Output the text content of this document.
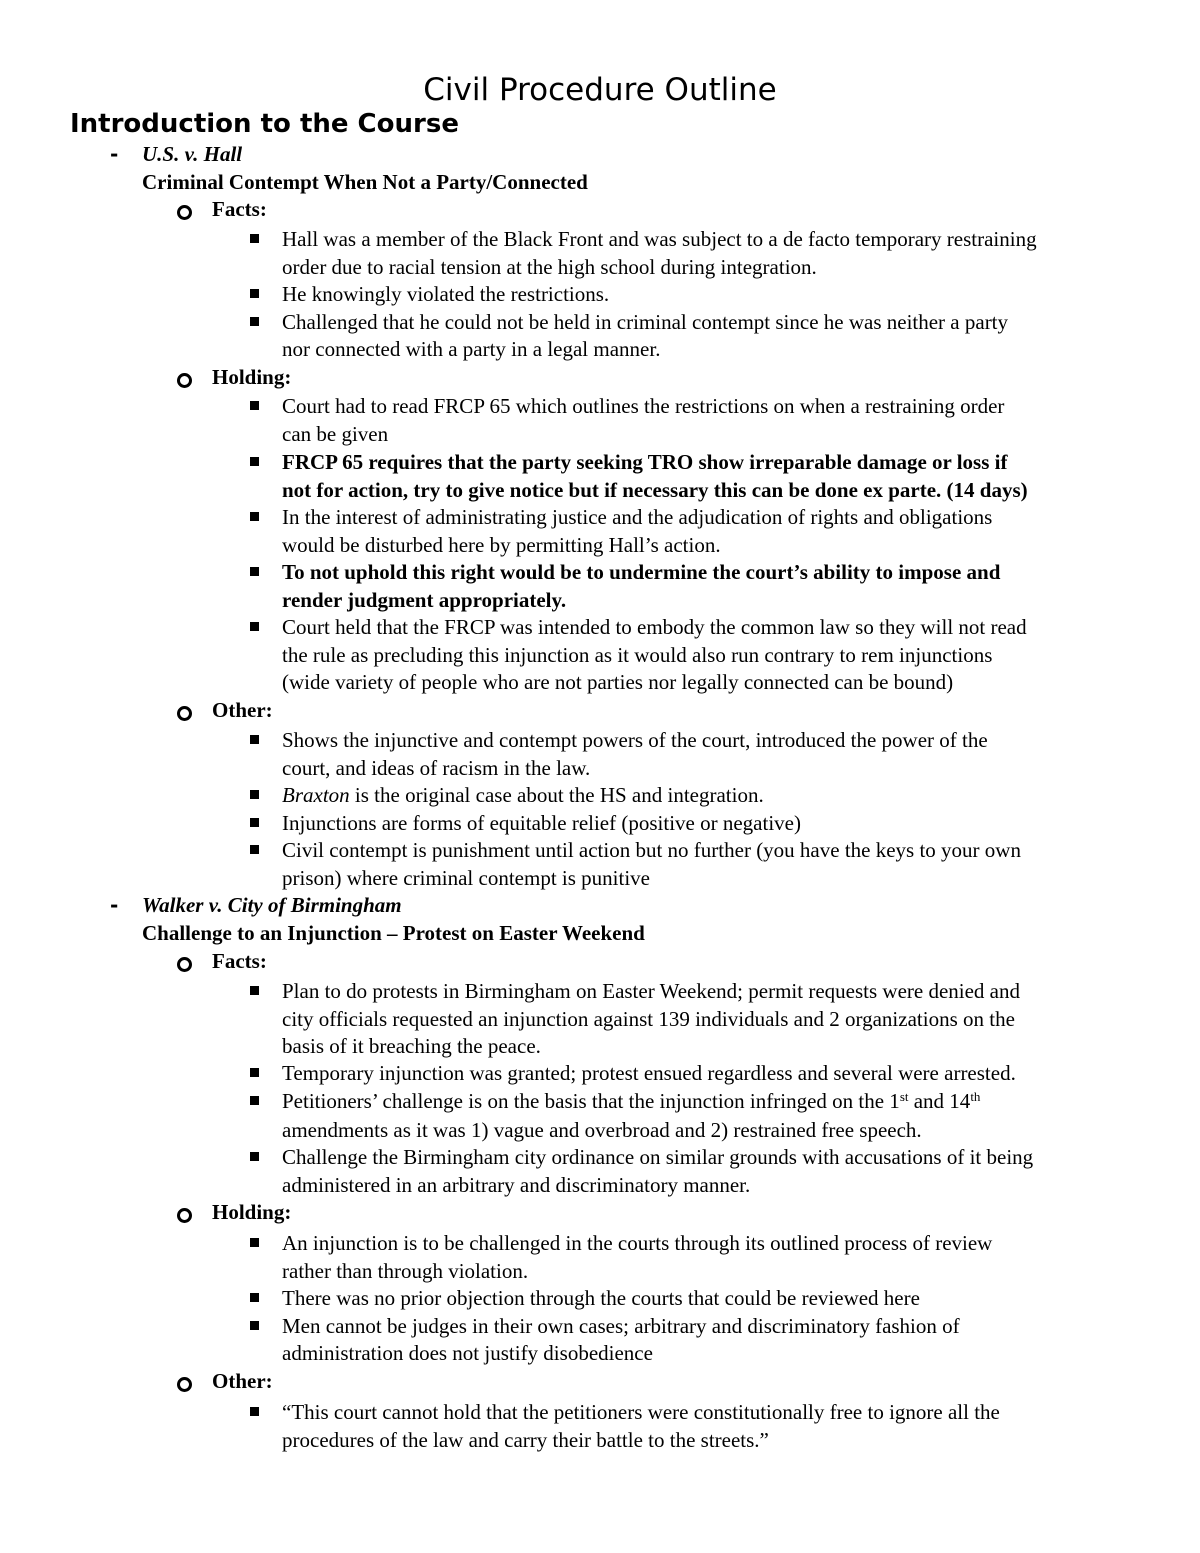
Civil Procedure Outline
Introduction to the Course
- U.S. v. Hall
Criminal Contempt When Not a Party/Connected
Facts:
Hall was a member of the Black Front and was subject to a de facto temporary restraining
order due to racial tension at the high school during integration.
He knowingly violated the restrictions.
Challenged that he could not be held in criminal contempt since he was neither a party
nor connected with a party in a legal manner.
Holding:
Court had to read FRCP 65 which outlines the restrictions on when a restraining order
can be given
FRCP 65 requires that the party seeking TRO show irreparable damage or loss if
not for action, try to give notice but if necessary this can be done ex parte. (14 days)
In the interest of administrating justice and the adjudication of rights and obligations
would be disturbed here by permitting Hall’s action.
To not uphold this right would be to undermine the court’s ability to impose and
render judgment appropriately.
Court held that the FRCP was intended to embody the common law so they will not read
the rule as precluding this injunction as it would also run contrary to rem injunctions
(wide variety of people who are not parties nor legally connected can be bound)
Other:
Shows the injunctive and contempt powers of the court, introduced the power of the
court, and ideas of racism in the law.
Braxton is the original case about the HS and integration.
Injunctions are forms of equitable relief (positive or negative)
Civil contempt is punishment until action but no further (you have the keys to your own
prison) where criminal contempt is punitive
- Walker v. City of Birmingham
Challenge to an Injunction – Protest on Easter Weekend
Facts:
Plan to do protests in Birmingham on Easter Weekend; permit requests were denied and
city officials requested an injunction against 139 individuals and 2 organizations on the
basis of it breaching the peace.
Temporary injunction was granted; protest ensued regardless and several were arrested.
Petitioners’ challenge is on the basis that the injunction infringed on the 1st and 14th
amendments as it was 1) vague and overbroad and 2) restrained free speech.
Challenge the Birmingham city ordinance on similar grounds with accusations of it being
administered in an arbitrary and discriminatory manner.
Holding:
An injunction is to be challenged in the courts through its outlined process of review
rather than through violation.
There was no prior objection through the courts that could be reviewed here
Men cannot be judges in their own cases; arbitrary and discriminatory fashion of
administration does not justify disobedience
Other:
“This court cannot hold that the petitioners were constitutionally free to ignore all the
procedures of the law and carry their battle to the streets.”
